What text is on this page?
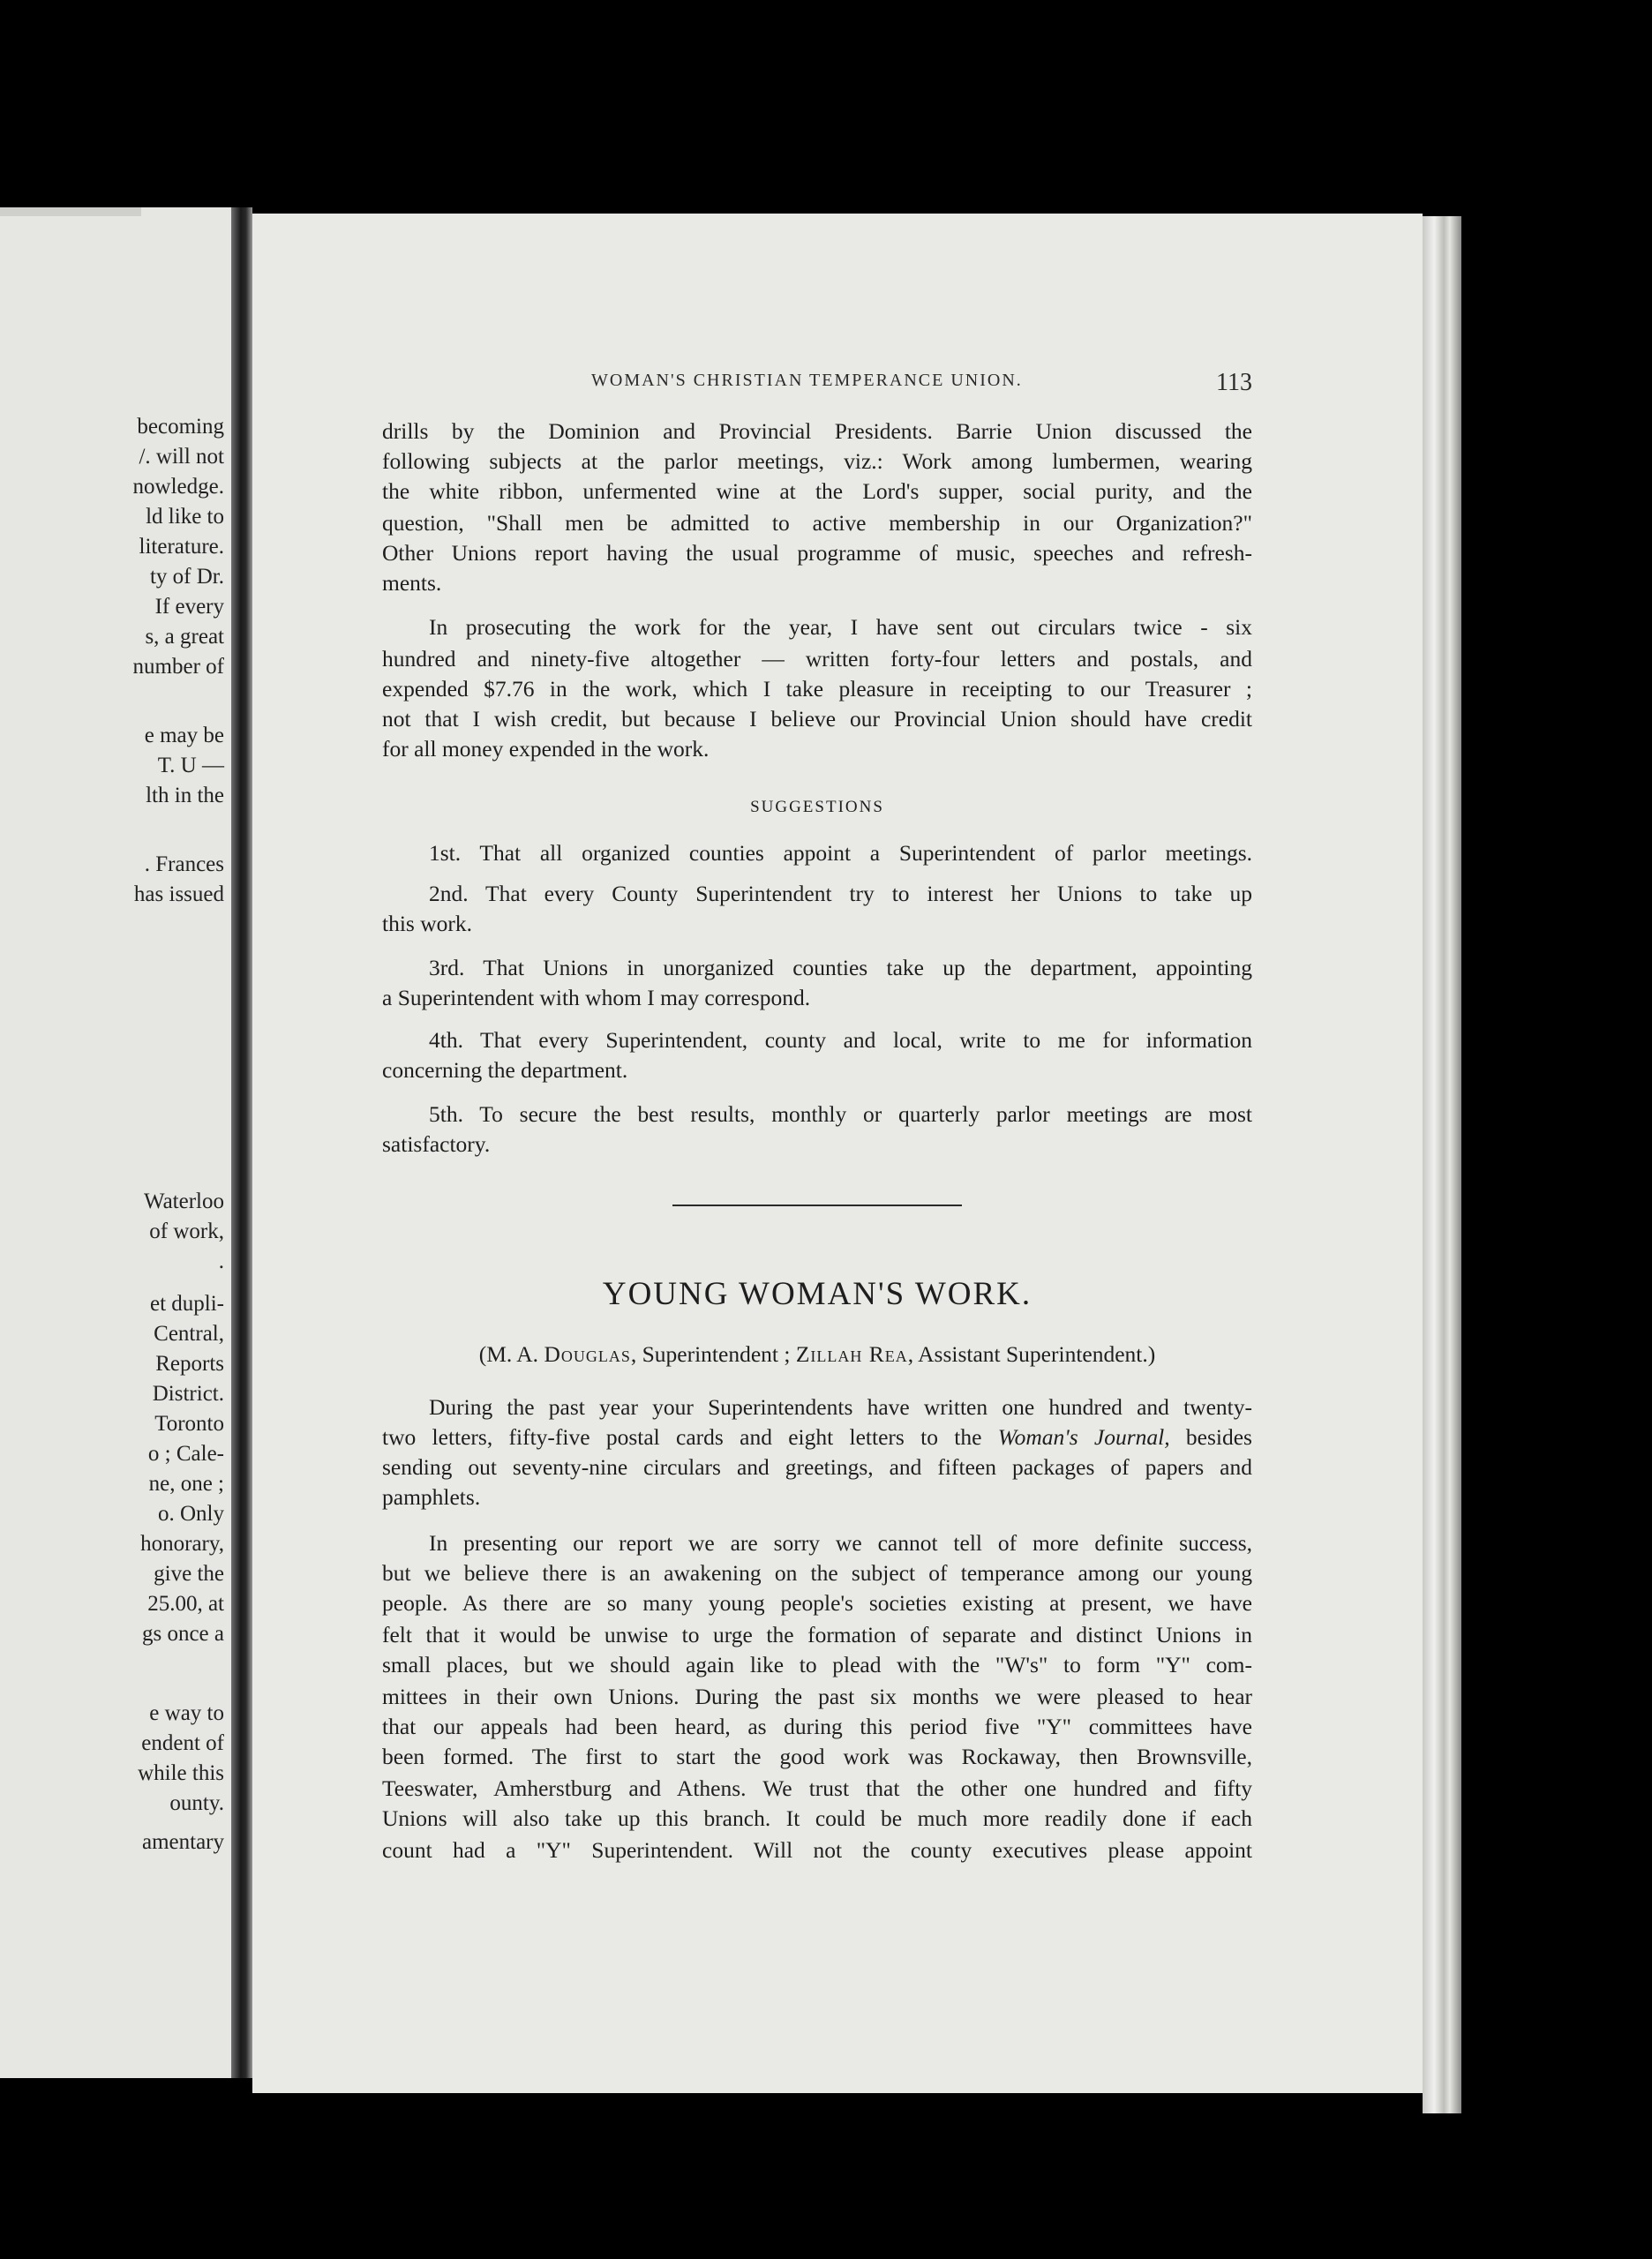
becoming
/. will not
nowledge.
ld like to
literature.
ty of Dr.
If every
s, a great
number of
e may be
T. U —
lth in the
. Frances
has issued
Waterloo
of work,
.
et dupli-
Central,
Reports
District.
Toronto
o ; Cale-
ne, one ;
o. Only
honorary,
give the
25.00, at
gs once a
e way to
endent of
while this
ounty.
amentary
WOMAN'S CHRISTIAN TEMPERANCE UNION.	113
drills by the Dominion and Provincial Presidents. Barrie Union discussed the
following subjects at the parlor meetings, viz.: Work among lumbermen, wearing
the white ribbon, unfermented wine at the Lord's supper, social purity, and the
question, "Shall men be admitted to active membership in our Organization?"
Other Unions report having the usual programme of music, speeches and refresh-
ments.
In prosecuting the work for the year, I have sent out circulars twice - six
hundred and ninety-five altogether — written forty-four letters and postals, and
expended $7.76 in the work, which I take pleasure in receipting to our Treasurer ;
not that I wish credit, but because I believe our Provincial Union should have credit
for all money expended in the work.
SUGGESTIONS
1st. That all organized counties appoint a Superintendent of parlor meetings.
2nd. That every County Superintendent try to interest her Unions to take up
this work.
3rd. That Unions in unorganized counties take up the department, appointing
a Superintendent with whom I may correspond.
4th. That every Superintendent, county and local, write to me for information
concerning the department.
5th. To secure the best results, monthly or quarterly parlor meetings are most
satisfactory.
YOUNG WOMAN'S WORK.
(M. A. Douglas, Superintendent ; Zillah Rea, Assistant Superintendent.)
During the past year your Superintendents have written one hundred and twenty-
two letters, fifty-five postal cards and eight letters to the Woman's Journal, besides
sending out seventy-nine circulars and greetings, and fifteen packages of papers and
pamphlets.
In presenting our report we are sorry we cannot tell of more definite success,
but we believe there is an awakening on the subject of temperance among our young
people. As there are so many young people's societies existing at present, we have
felt that it would be unwise to urge the formation of separate and distinct Unions in
small places, but we should again like to plead with the "W's" to form "Y" com-
mittees in their own Unions. During the past six months we were pleased to hear
that our appeals had been heard, as during this period five "Y" committees have
been formed. The first to start the good work was Rockaway, then Brownsville,
Teeswater, Amherstburg and Athens. We trust that the other one hundred and fifty
Unions will also take up this branch. It could be much more readily done if each
count had a "Y" Superintendent. Will not the county executives please appoint
